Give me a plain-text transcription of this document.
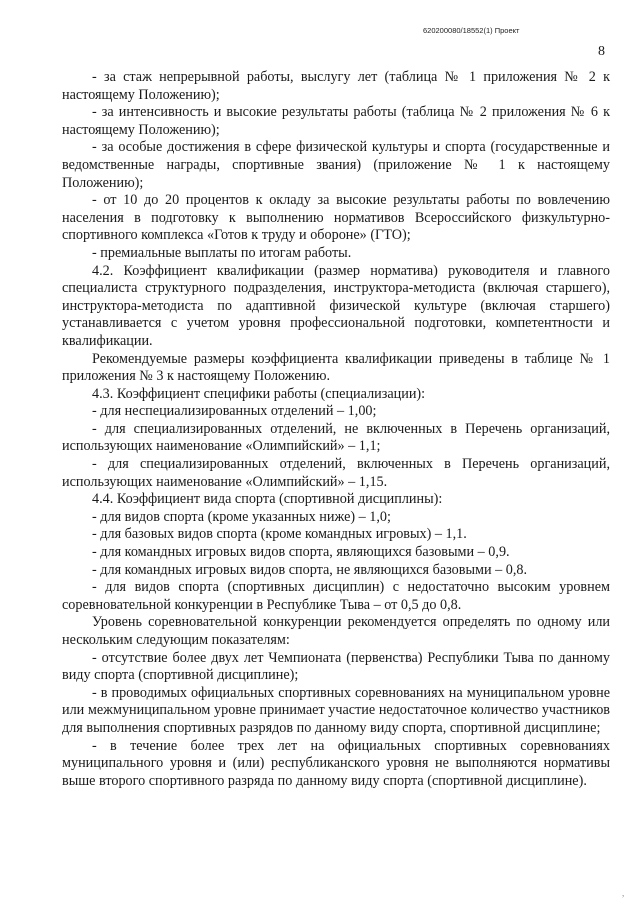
620200080/18552(1) Проект
8

- за стаж непрерывной работы, выслугу лет (таблица № 1 приложения № 2 к настоящему Положению);

- за интенсивность и высокие результаты работы (таблица № 2 приложения № 6 к настоящему Положению);

- за особые достижения в сфере физической культуры и спорта (государственные и ведомственные награды, спортивные звания) (приложение № 1 к настоящему Положению);

- от 10 до 20 процентов к окладу за высокие результаты работы по вовлечению населения в подготовку к выполнению нормативов Всероссийского физкультурно-спортивного комплекса «Готов к труду и обороне» (ГТО);

- премиальные выплаты по итогам работы.

4.2. Коэффициент квалификации (размер норматива) руководителя и главного специалиста структурного подразделения, инструктора-методиста (включая старшего), инструктора-методиста по адаптивной физической культуре (включая старшего) устанавливается с учетом уровня профессиональной подготовки, компетентности и квалификации.

Рекомендуемые размеры коэффициента квалификации приведены в таблице № 1 приложения № 3 к настоящему Положению.

4.3. Коэффициент специфики работы (специализации):

- для неспециализированных отделений – 1,00;

- для специализированных отделений, не включенных в Перечень организаций, использующих наименование «Олимпийский» – 1,1;

- для специализированных отделений, включенных в Перечень организаций, использующих наименование «Олимпийский» – 1,15.

4.4. Коэффициент вида спорта (спортивной дисциплины):

- для видов спорта (кроме указанных ниже) – 1,0;

- для базовых видов спорта (кроме командных игровых) – 1,1.

- для командных игровых видов спорта, являющихся базовыми – 0,9.

- для командных игровых видов спорта, не являющихся базовыми – 0,8.

- для видов спорта (спортивных дисциплин) с недостаточно высоким уровнем соревновательной конкуренции в Республике Тыва – от 0,5 до 0,8.

Уровень соревновательной конкуренции рекомендуется определять по одному или нескольким следующим показателям:

- отсутствие более двух лет Чемпионата (первенства) Республики Тыва по данному виду спорта (спортивной дисциплине);

- в проводимых официальных спортивных соревнованиях на муниципальном уровне или межмуниципальном уровне принимает участие недостаточное количество участников для выполнения спортивных разрядов по данному виду спорта, спортивной дисциплине;

- в течение более трех лет на официальных спортивных соревнованиях муниципального уровня и (или) республиканского уровня не выполняются нормативы выше второго спортивного разряда по данному виду спорта (спортивной дисциплине).

,
